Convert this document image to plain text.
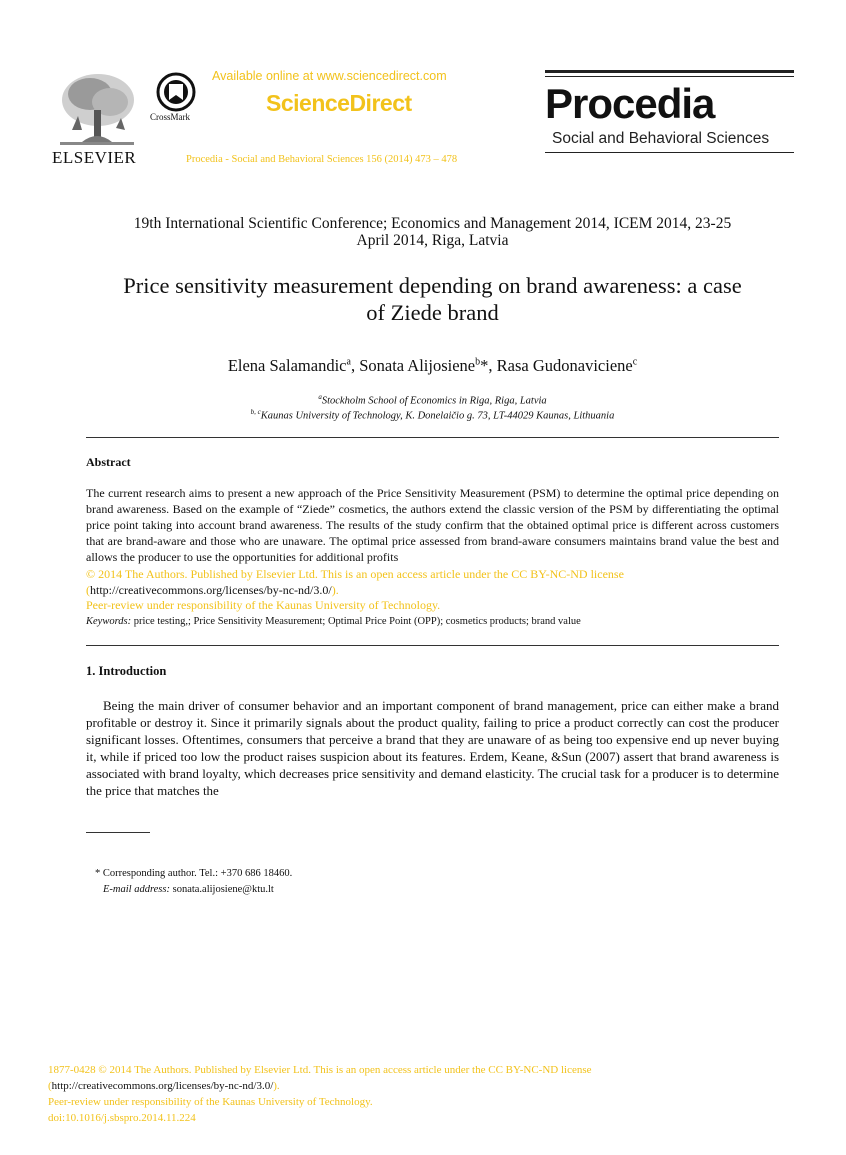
ELSEVIER
CrossMark
Available online at www.sciencedirect.com
ScienceDirect
Procedia - Social and Behavioral Sciences 156 (2014) 473 – 478
Procedia
Social and Behavioral Sciences
19th International Scientific Conference; Economics and Management 2014, ICEM 2014, 23-25
April 2014, Riga, Latvia
Price sensitivity measurement depending on brand awareness: a case
of Ziede brand
Elena Salamandic$^a$, Sonata Alijosiene$^b$*, Rasa Gudonaviciene$^c$
$^a$Stockholm School of Economics in Riga, Riga, Latvia
$^{b, c}$Kaunas University of Technology, K. Donelaičio g. 73, LT-44029 Kaunas, Lithuania
Abstract
The current research aims to present a new approach of the Price Sensitivity Measurement (PSM) to determine the optimal price depending on brand awareness. Based on the example of “Ziede” cosmetics, the authors extend the classic version of the PSM by differentiating the optimal price point taking into account brand awareness. The results of the study confirm that the obtained optimal price is different across customers that are brand-aware and those who are unaware. The optimal price assessed from brand-aware consumers maintains brand value the best and allows the producer to use the opportunities for additional profits
© 2014 The Authors. Published by Elsevier Ltd. This is an open access article under the CC BY-NC-ND license
(http://creativecommons.org/licenses/by-nc-nd/3.0/).
Peer-review under responsibility of the Kaunas University of Technology.
Keywords: price testing,; Price Sensitivity Measurement; Optimal Price Point (OPP); cosmetics products; brand value
1. Introduction
Being the main driver of consumer behavior and an important component of brand management, price can either make a brand profitable or destroy it. Since it primarily signals about the product quality, failing to price a product correctly can cost the producer significant losses. Oftentimes, consumers that perceive a brand that they are unaware of as being too expensive end up never buying it, while if priced too low the product raises suspicion about its features. Erdem, Keane, &Sun (2007) assert that brand awareness is associated with brand loyalty, which decreases price sensitivity and demand elasticity. The crucial task for a producer is to determine the price that matches the
* Corresponding author. Tel.: +370 686 18460.
E-mail address: sonata.alijosiene@ktu.lt
1877-0428 © 2014 The Authors. Published by Elsevier Ltd. This is an open access article under the CC BY-NC-ND license
(http://creativecommons.org/licenses/by-nc-nd/3.0/).
Peer-review under responsibility of the Kaunas University of Technology.
doi:10.1016/j.sbspro.2014.11.224
